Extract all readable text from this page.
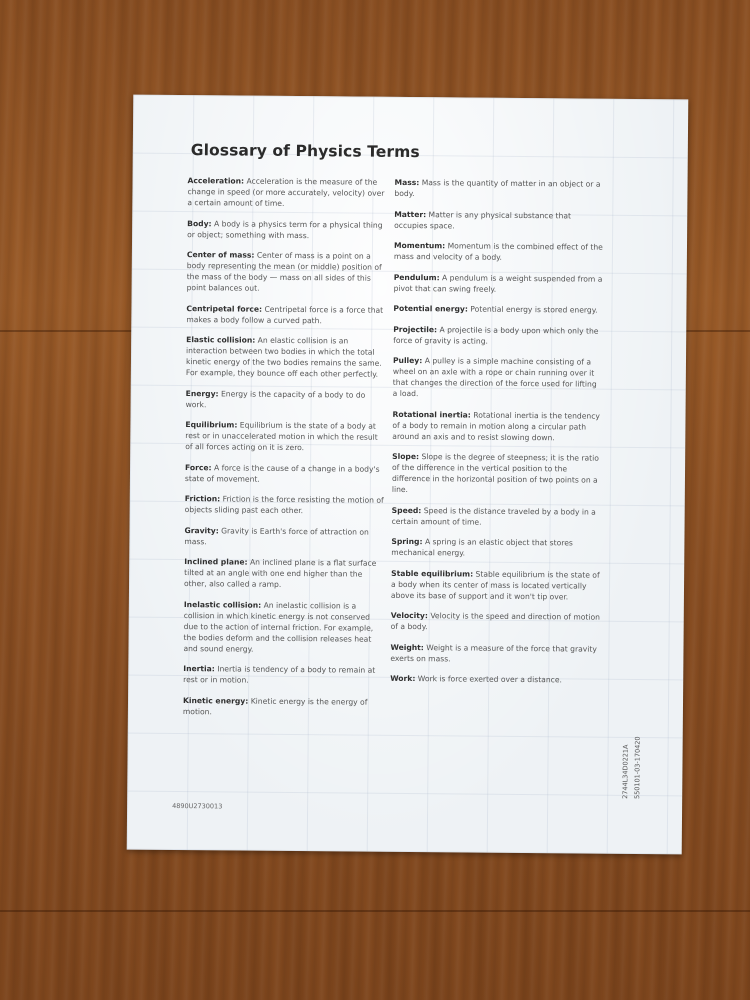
Glossary of Physics Terms
Acceleration: Acceleration is the measure of the change in speed (or more accurately, velocity) over a certain amount of time.
Body: A body is a physics term for a physical thing or object; something with mass.
Center of mass: Center of mass is a point on a body representing the mean (or middle) position of the mass of the body — mass on all sides of this point balances out.
Centripetal force: Centripetal force is a force that makes a body follow a curved path.
Elastic collision: An elastic collision is an interaction between two bodies in which the total kinetic energy of the two bodies remains the same. For example, they bounce off each other perfectly.
Energy: Energy is the capacity of a body to do work.
Equilibrium: Equilibrium is the state of a body at rest or in unaccelerated motion in which the result of all forces acting on it is zero.
Force: A force is the cause of a change in a body's state of movement.
Friction: Friction is the force resisting the motion of objects sliding past each other.
Gravity: Gravity is Earth's force of attraction on mass.
Inclined plane: An inclined plane is a flat surface tilted at an angle with one end higher than the other, also called a ramp.
Inelastic collision: An inelastic collision is a collision in which kinetic energy is not conserved due to the action of internal friction. For example, the bodies deform and the collision releases heat and sound energy.
Inertia: Inertia is tendency of a body to remain at rest or in motion.
Kinetic energy: Kinetic energy is the energy of motion.
Mass: Mass is the quantity of matter in an object or a body.
Matter: Matter is any physical substance that occupies space.
Momentum: Momentum is the combined effect of the mass and velocity of a body.
Pendulum: A pendulum is a weight suspended from a pivot that can swing freely.
Potential energy: Potential energy is stored energy.
Projectile: A projectile is a body upon which only the force of gravity is acting.
Pulley: A pulley is a simple machine consisting of a wheel on an axle with a rope or chain running over it that changes the direction of the force used for lifting a load.
Rotational inertia: Rotational inertia is the tendency of a body to remain in motion along a circular path around an axis and to resist slowing down.
Slope: Slope is the degree of steepness; it is the ratio of the difference in the vertical position to the difference in the horizontal position of two points on a line.
Speed: Speed is the distance traveled by a body in a certain amount of time.
Spring: A spring is an elastic object that stores mechanical energy.
Stable equilibrium: Stable equilibrium is the state of a body when its center of mass is located vertically above its base of support and it won't tip over.
Velocity: Velocity is the speed and direction of motion of a body.
Weight: Weight is a measure of the force that gravity exerts on mass.
Work: Work is force exerted over a distance.
4890U2730013
2744L34D0221A 550101-03-170420
